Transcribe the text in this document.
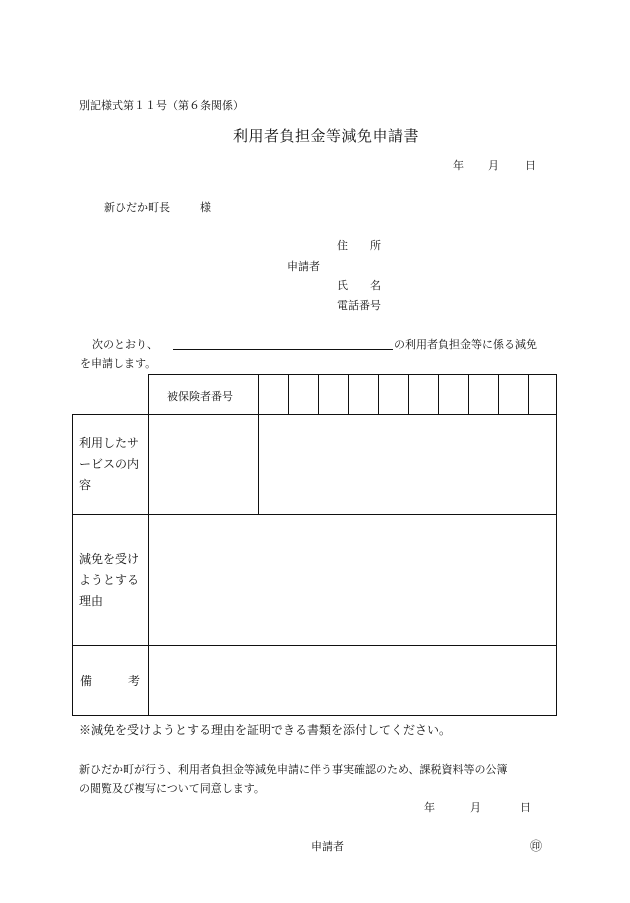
別記様式第１１号（第６条関係）
利用者負担金等減免申請書
年 月 日
新ひだか町長	様
住　　所
申請者
氏　　名
電話番号
次のとおり、	の利用者負担金等に係る減免
を申請します。
被保険者番号
利用したサ
ービスの内
容
減免を受け
ようとする
理由
備　　　考
※減免を受けようとする理由を証明できる書類を添付してください。
新ひだか町が行う、利用者負担金等減免申請に伴う事実確認のため、課税資料等の公簿
の閲覧及び複写について同意します。
年	月	日
申請者	㊞
